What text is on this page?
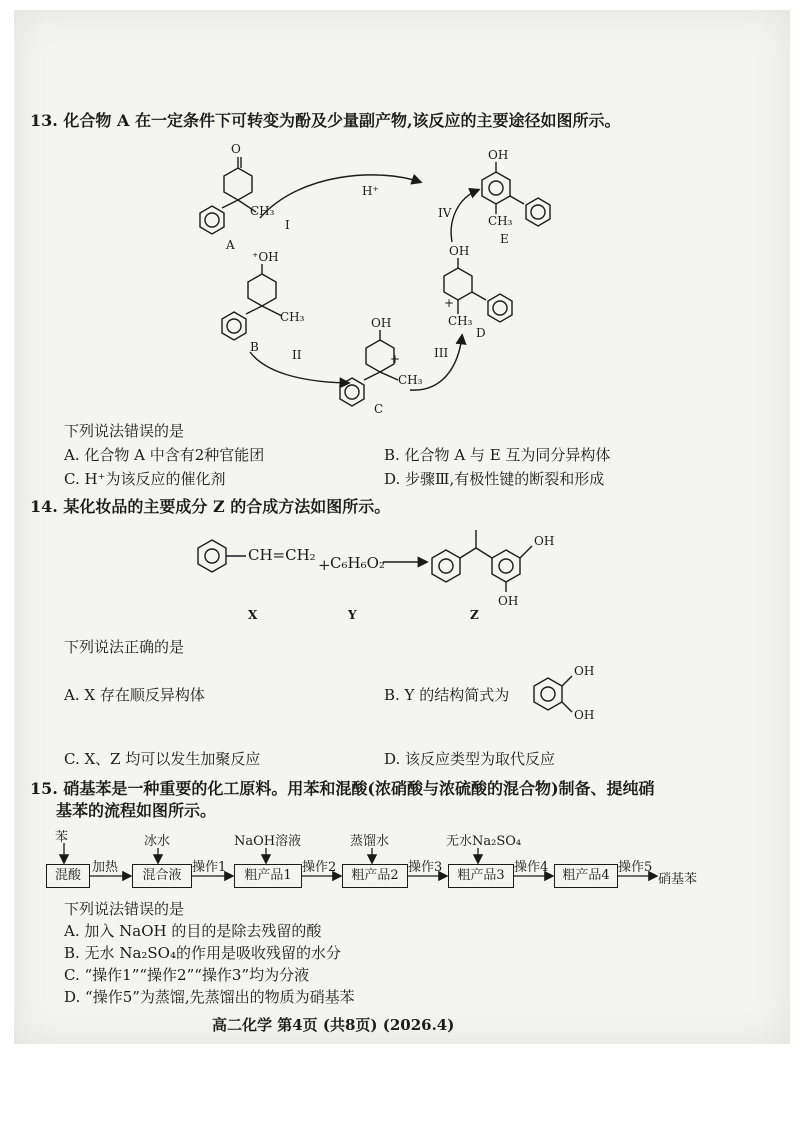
13. 化合物 A 在一定条件下可转变为酚及少量副产物,该反应的主要途径如图所示。
O
CH₃
A
I
H⁺
⁺OH
CH₃
B
II
OH
+
CH₃
C
III
OH
+
CH₃
D
OH
CH₃
E
IV
下列说法错误的是
A. 化合物 A 中含有2种官能团	B. 化合物 A 与 E 互为同分异构体
C. H⁺为该反应的催化剂	D. 步骤Ⅲ,有极性键的断裂和形成
14. 某化妆品的主要成分 Z 的合成方法如图所示。
CH=CH₂
+ C₆H₆O₂
OH
OH
X	Y	Z
下列说法正确的是
A. X 存在顺反异构体	B. Y 的结构简式为
OH
OH
C. X、Z 均可以发生加聚反应	D. 该反应类型为取代反应
15. 硝基苯是一种重要的化工原料。用苯和混酸(浓硝酸与浓硫酸的混合物)制备、提纯硝
基苯的流程如图所示。
苯	冰水	NaOH溶液	蒸馏水	无水Na₂SO₄
混酸	混合液	粗产品1	粗产品2	粗产品3	粗产品4	硝基苯
加热	操作1	操作2	操作3	操作4	操作5
下列说法错误的是
A. 加入 NaOH 的目的是除去残留的酸
B. 无水 Na₂SO₄的作用是吸收残留的水分
C. “操作1”“操作2”“操作3”均为分液
D. “操作5”为蒸馏,先蒸馏出的物质为硝基苯
高二化学 第4页 (共8页) (2026.4)
